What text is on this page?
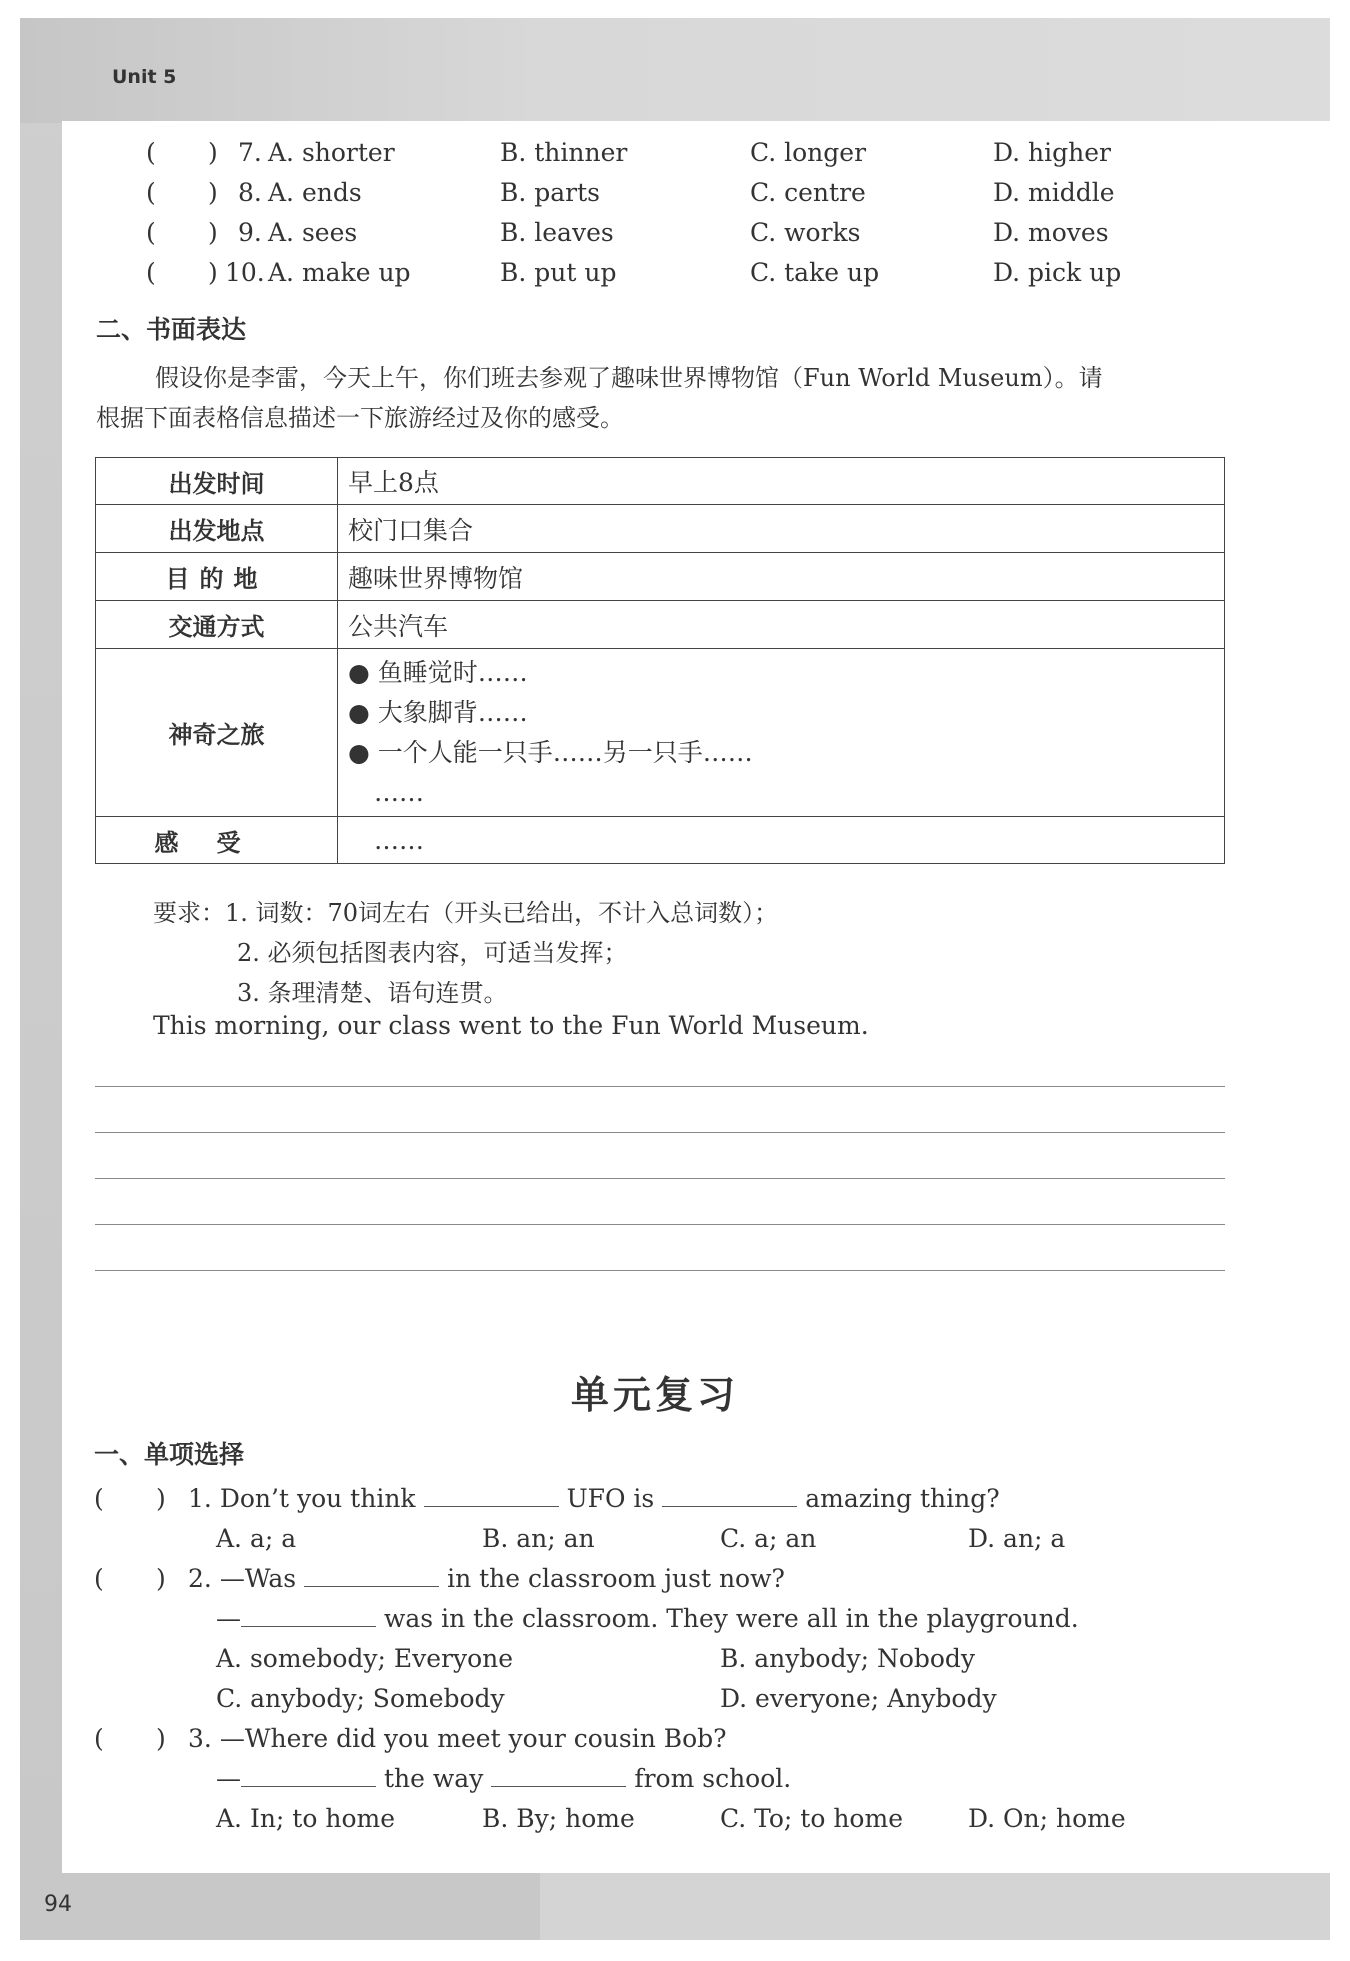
Unit 5
94
( ) 7. A. shorter	B. thinner	C. longer	D. higher
( ) 8. A. ends	B. parts	C. centre	D. middle
( ) 9. A. sees	B. leaves	C. works	D. moves
( ) 10. A. make up	B. put up	C. take up	D. pick up
二、书面表达
假设你是李雷，今天上午，你们班去参观了趣味世界博物馆（Fun World Museum）。请
根据下面表格信息描述一下旅游经过及你的感受。
出发时间	早上8点
出发地点	校门口集合
目的地	趣味世界博物馆
交通方式	公共汽车
神奇之旅	● 鱼睡觉时……
● 大象脚背……
● 一个人能一只手……另一只手……
……

感受	……
要求：1. 词数：70词左右（开头已给出，不计入总词数）；
2. 必须包括图表内容，可适当发挥；
3. 条理清楚、语句连贯。
This morning, our class went to the Fun World Museum.
单元复习
一、单项选择
( ) 1. Don’t you think	UFO is	amazing thing?
A. a; a	B. an; an	C. a; an	D. an; a
( ) 2. —Was	in the classroom just now?
—	was in the classroom. They were all in the playground.
A. somebody; Everyone	B. anybody; Nobody
C. anybody; Somebody	D. everyone; Anybody
( ) 3. —Where did you meet your cousin Bob?
—	the way	from school.
A. In; to home	B. By; home	C. To; to home	D. On; home
